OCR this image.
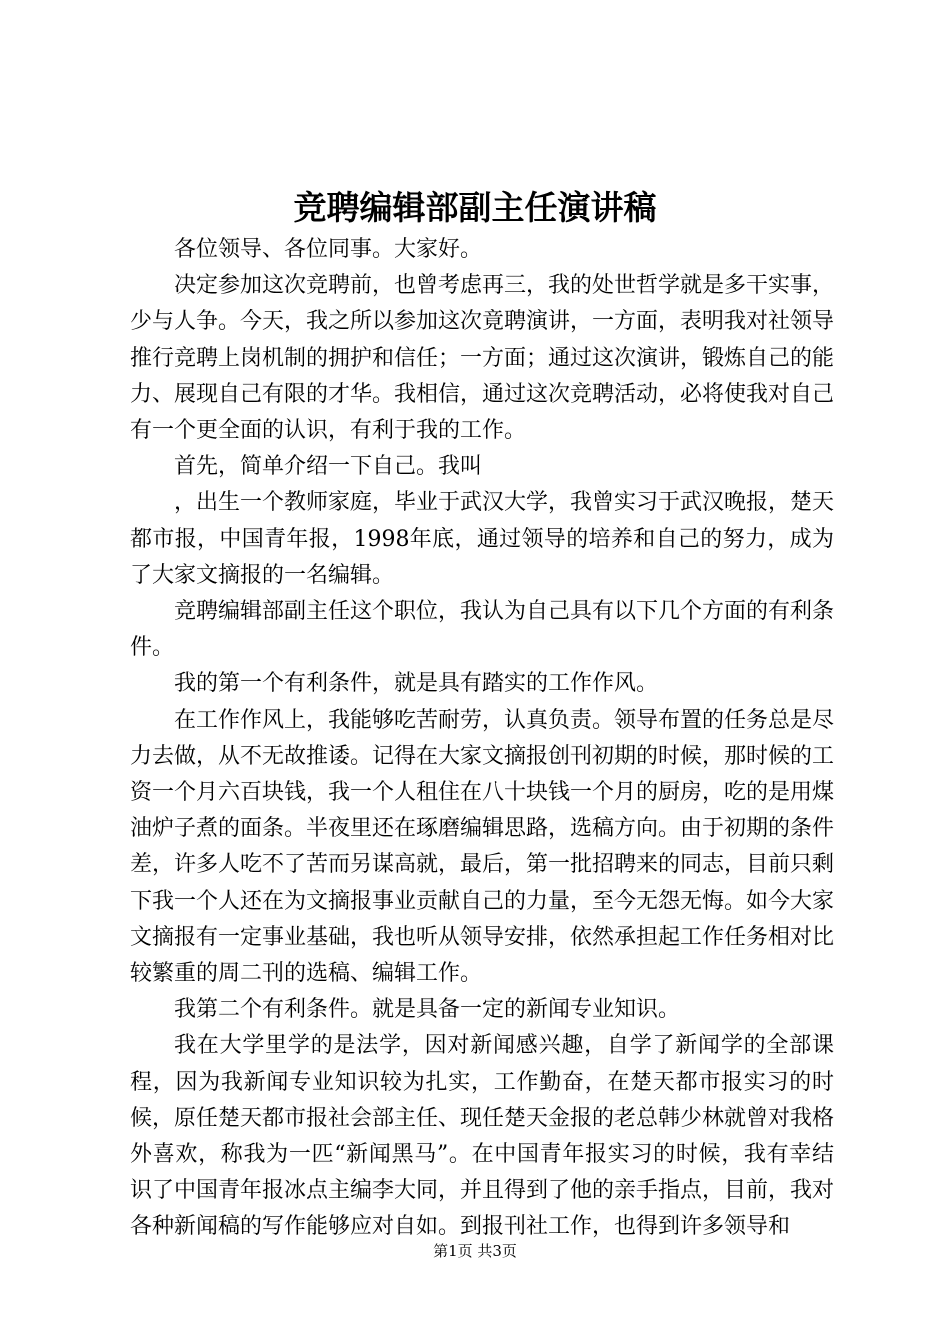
竞聘编辑部副主任演讲稿

各位领导、各位同事。大家好。

决定参加这次竞聘前，也曾考虑再三，我的处世哲学就是多干实事，少与人争。今天，我之所以参加这次竟聘演讲，一方面，表明我对社领导推行竞聘上岗机制的拥护和信任；一方面；通过这次演讲，锻炼自己的能力、展现自己有限的才华。我相信，通过这次竞聘活动，必将使我对自己有一个更全面的认识，有利于我的工作。

首先，简单介绍一下自己。我叫

，出生一个教师家庭，毕业于武汉大学，我曾实习于武汉晚报，楚天都市报，中国青年报，1998年底，通过领导的培养和自己的努力，成为了大家文摘报的一名编辑。

竞聘编辑部副主任这个职位，我认为自己具有以下几个方面的有利条件。

我的第一个有利条件，就是具有踏实的工作作风。

在工作作风上，我能够吃苦耐劳，认真负责。领导布置的任务总是尽力去做，从不无故推诿。记得在大家文摘报创刊初期的时候，那时候的工资一个月六百块钱，我一个人租住在八十块钱一个月的厨房，吃的是用煤油炉子煮的面条。半夜里还在琢磨编辑思路，选稿方向。由于初期的条件差，许多人吃不了苦而另谋高就，最后，第一批招聘来的同志，目前只剩下我一个人还在为文摘报事业贡献自己的力量，至今无怨无悔。如今大家文摘报有一定事业基础，我也听从领导安排，依然承担起工作任务相对比较繁重的周二刊的选稿、编辑工作。

我第二个有利条件。就是具备一定的新闻专业知识。

我在大学里学的是法学，因对新闻感兴趣，自学了新闻学的全部课程，因为我新闻专业知识较为扎实，工作勤奋，在楚天都市报实习的时候，原任楚天都市报社会部主任、现任楚天金报的老总韩少林就曾对我格外喜欢，称我为一匹“新闻黑马”。在中国青年报实习的时候，我有幸结识了中国青年报冰点主编李大同，并且得到了他的亲手指点，目前，我对各种新闻稿的写作能够应对自如。到报刊社工作，也得到许多领导和

第1页 共3页
